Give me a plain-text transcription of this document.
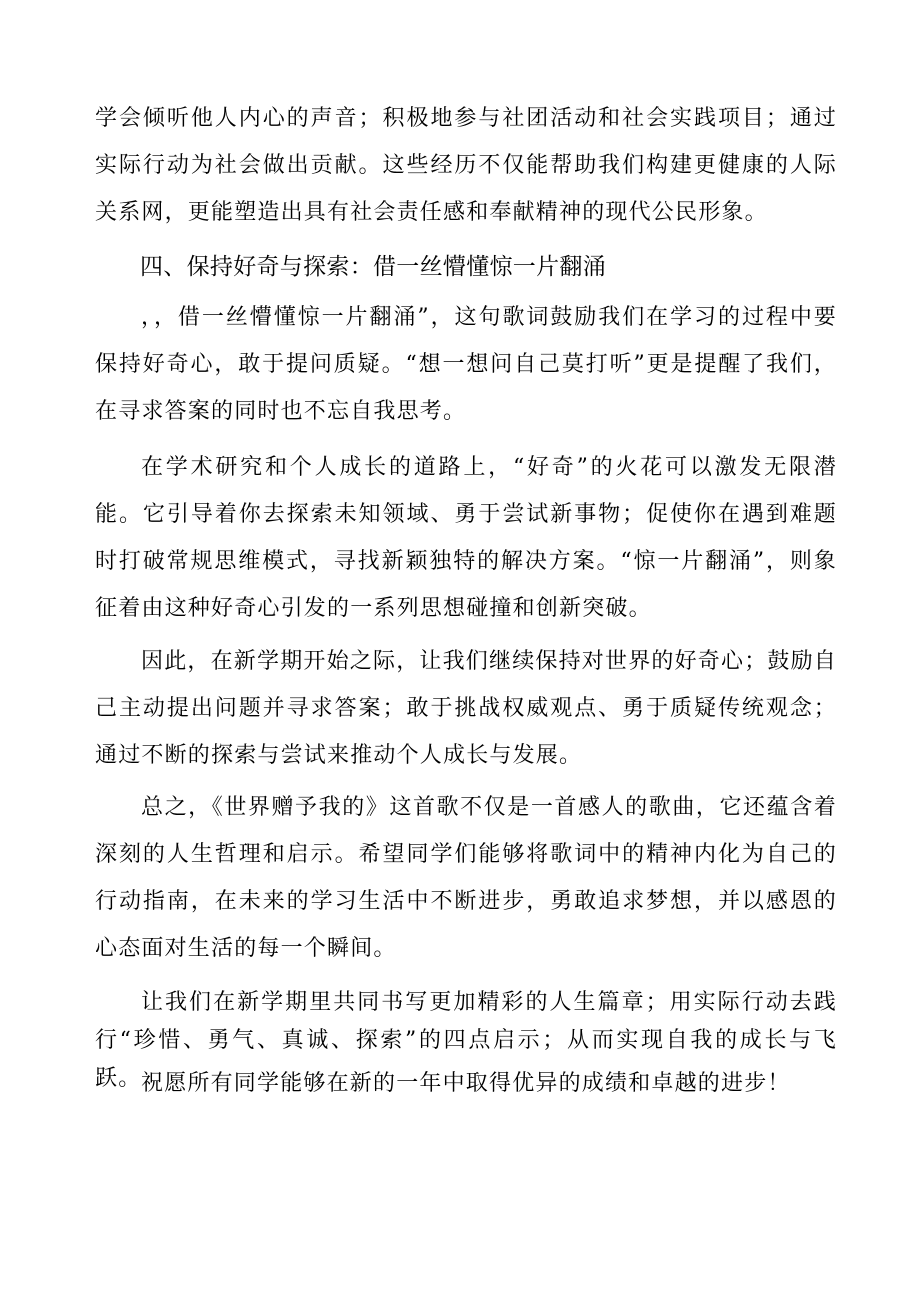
学会倾听他人内心的声音；积极地参与社团活动和社会实践项目；通过实际行动为社会做出贡献。这些经历不仅能帮助我们构建更健康的人际关系网，更能塑造出具有社会责任感和奉献精神的现代公民形象。

四、保持好奇与探索：借一丝懵懂惊一片翻涌

，，借一丝懵懂惊一片翻涌”，这句歌词鼓励我们在学习的过程中要保持好奇心，敢于提问质疑。“想一想问自己莫打听”更是提醒了我们，在寻求答案的同时也不忘自我思考。

在学术研究和个人成长的道路上，“好奇”的火花可以激发无限潜能。它引导着你去探索未知领域、勇于尝试新事物；促使你在遇到难题时打破常规思维模式，寻找新颖独特的解决方案。“惊一片翻涌”，则象征着由这种好奇心引发的一系列思想碰撞和创新突破。

因此，在新学期开始之际，让我们继续保持对世界的好奇心；鼓励自己主动提出问题并寻求答案；敢于挑战权威观点、勇于质疑传统观念；通过不断的探索与尝试来推动个人成长与发展。

总之，《世界赠予我的》这首歌不仅是一首感人的歌曲，它还蕴含着深刻的人生哲理和启示。希望同学们能够将歌词中的精神内化为自己的行动指南，在未来的学习生活中不断进步，勇敢追求梦想，并以感恩的心态面对生活的每一个瞬间。

让我们在新学期里共同书写更加精彩的人生篇章；用实际行动去践行“珍惜、勇气、真诚、探索”的四点启示；从而实现自我的成长与飞跃。 祝愿所有同学能够在新的一年中取得优异的成绩和卓越的进步！
